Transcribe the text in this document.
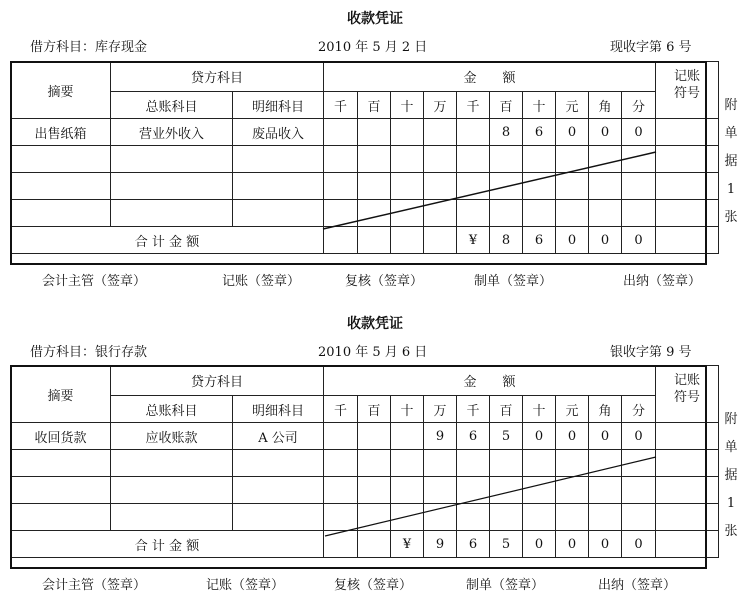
收款凭证
借方科目：库存现金	2010 年 5 月 2 日	现收字第 6 号
摘要	贷方科目		金　　额										记账
符号
	总账科目	明细科目	千	百	十	万	千	百	十	元	角	分	
出售纸箱	营业外收入	废品收入						8	6	0	0	0	

合 计 金 额							¥	8	6	0	0	0	
附
单
据
1
张
会计主管（签章）	记账（签章）	复核（签章）	制单（签章）	出纳（签章）
收款凭证
借方科目：银行存款	2010 年 5 月 6 日	银收字第 9 号
摘要	贷方科目		金　　额										记账
符号
	总账科目	明细科目	千	百	十	万	千	百	十	元	角	分	
收回货款	应收账款	A 公司				9	6	5	0	0	0	0	

合 计 金 额					¥	9	6	5	0	0	0	0	
附
单
据
1
张
会计主管（签章）	记账（签章）	复核（签章）	制单（签章）	出纳（签章）
